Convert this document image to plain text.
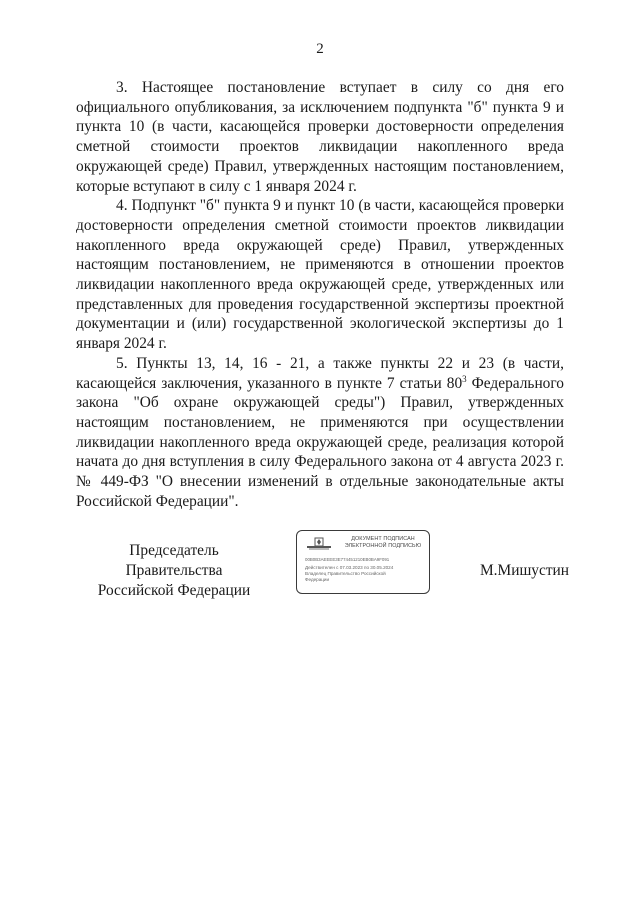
2

3. Настоящее постановление вступает в силу со дня его официального опубликования, за исключением подпункта "б" пункта 9 и пункта 10 (в части, касающейся проверки достоверности определения сметной стоимости проектов ликвидации накопленного вреда окружающей среде) Правил, утвержденных настоящим постановлением, которые вступают в силу с 1 января 2024 г.

4. Подпункт "б" пункта 9 и пункт 10 (в части, касающейся проверки достоверности определения сметной стоимости проектов ликвидации накопленного вреда окружающей среде) Правил, утвержденных настоящим постановлением, не применяются в отношении проектов ликвидации накопленного вреда окружающей среде, утвержденных или представленных для проведения государственной экспертизы проектной документации и (или) государственной экологической экспертизы до 1 января 2024 г.

5. Пункты 13, 14, 16 - 21, а также пункты 22 и 23 (в части, касающейся заключения, указанного в пункте 7 статьи $80^3$ Федерального закона "Об охране окружающей среды") Правил, утвержденных настоящим постановлением, не применяются при осуществлении ликвидации накопленного вреда окружающей среде, реализация которой начата до дня вступления в силу Федерального закона от 4 августа 2023 г. № 449-ФЗ "О внесении изменений в отдельные законодательные акты Российской Федерации".

Председатель Правительства
Российской Федерации
ДОКУМЕНТ ПОДПИСАН
ЭЛЕКТРОННОЙ ПОДПИСЬЮ
00B0B3AEEEE3E774451210EB0BA9F091
Действителен с 07.03.2023 по 30.05.2024
Владелец Правительство Российской
Федерации
М.Мишустин
